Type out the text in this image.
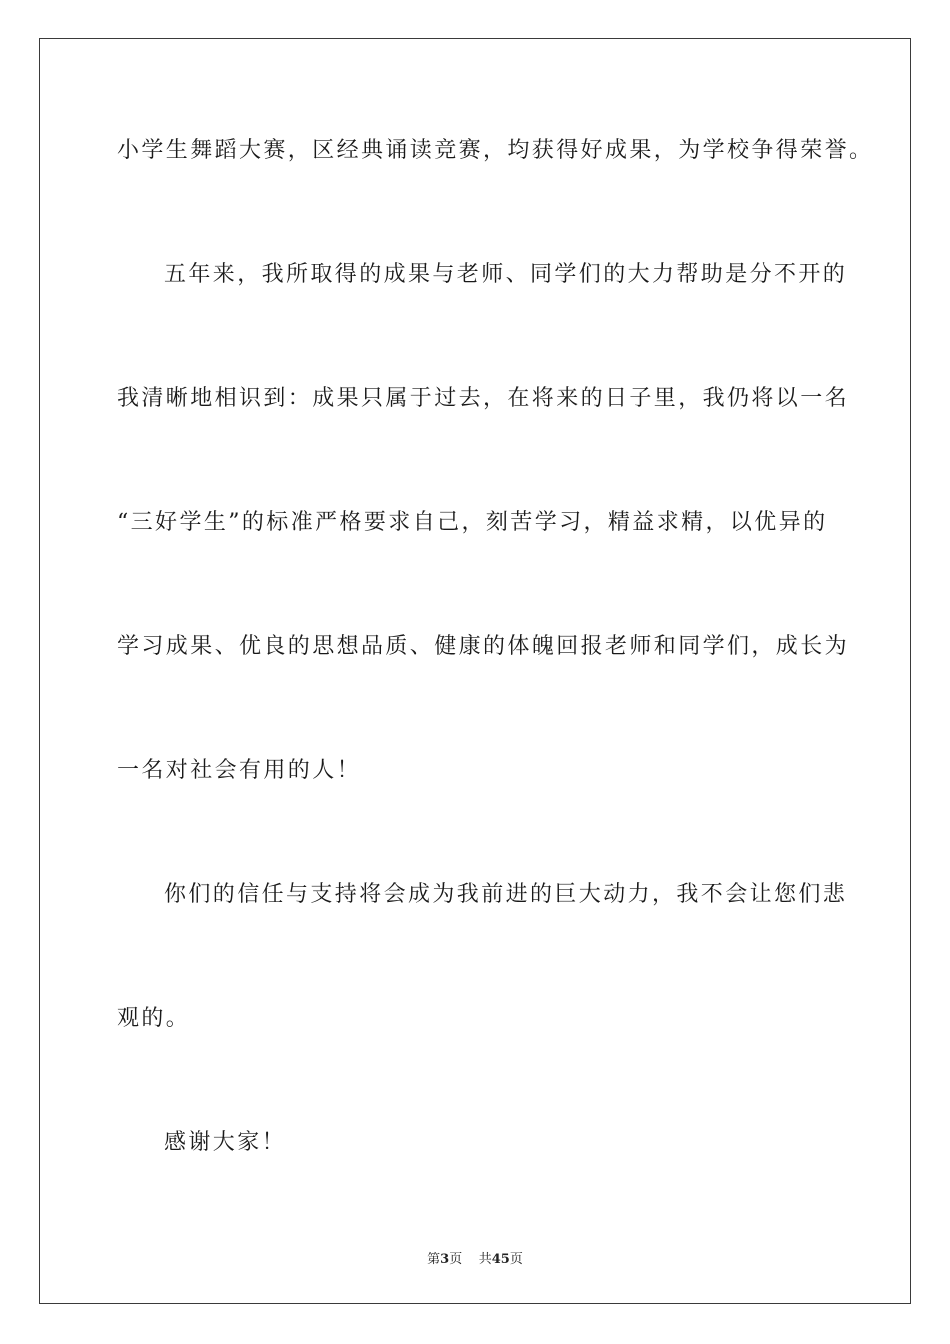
小学生舞蹈大赛，区经典诵读竞赛，均获得好成果，为学校争得荣誉。
五年来，我所取得的成果与老师、同学们的大力帮助是分不开的
我清晰地相识到：成果只属于过去，在将来的日子里，我仍将以一名
“三好学生”的标准严格要求自己，刻苦学习，精益求精，以优异的
学习成果、优良的思想品质、健康的体魄回报老师和同学们，成长为
一名对社会有用的人！
你们的信任与支持将会成为我前进的巨大动力，我不会让您们悲
观的。
感谢大家！
第3页 共45页
